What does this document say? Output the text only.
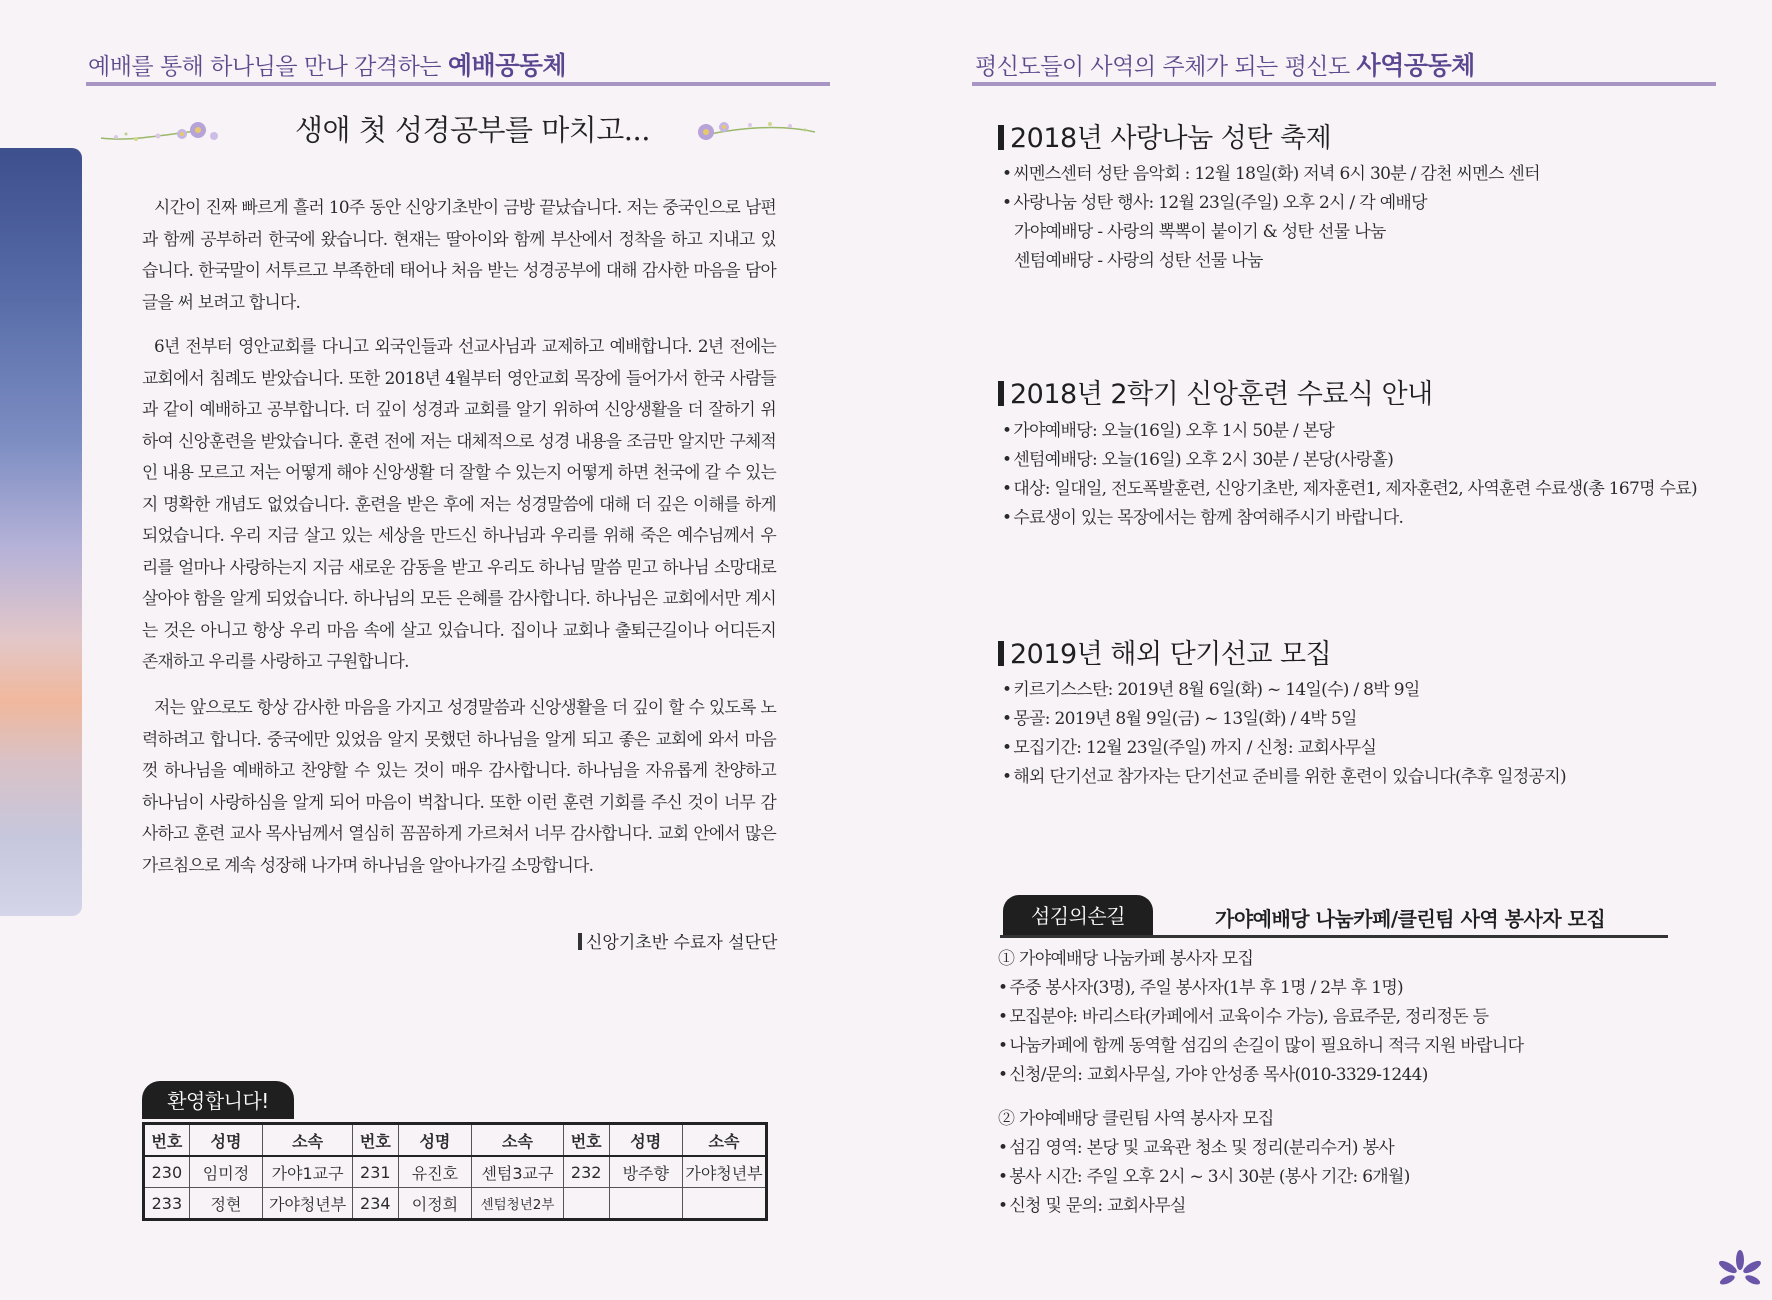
예배를 통해 하나님을 만나 감격하는 예배공동체
생애 첫 성경공부를 마치고...

시간이 진짜 빠르게 흘러 10주 동안 신앙기초반이 금방 끝났습니다. 저는 중국인으로 남편과 함께 공부하러 한국에 왔습니다. 현재는 딸아이와 함께 부산에서 정착을 하고 지내고 있습니다. 한국말이 서투르고 부족한데 태어나 처음 받는 성경공부에 대해 감사한 마음을 담아 글을 써 보려고 합니다.

6년 전부터 영안교회를 다니고 외국인들과 선교사님과 교제하고 예배합니다. 2년 전에는 교회에서 침례도 받았습니다. 또한 2018년 4월부터 영안교회 목장에 들어가서 한국 사람들과 같이 예배하고 공부합니다. 더 깊이 성경과 교회를 알기 위하여 신앙생활을 더 잘하기 위하여 신앙훈련을 받았습니다. 훈련 전에 저는 대체적으로 성경 내용을 조금만 알지만 구체적인 내용 모르고 저는 어떻게 해야 신앙생활 더 잘할 수 있는지 어떻게 하면 천국에 갈 수 있는지 명확한 개념도 없었습니다. 훈련을 받은 후에 저는 성경말씀에 대해 더 깊은 이해를 하게 되었습니다. 우리 지금 살고 있는 세상을 만드신 하나님과 우리를 위해 죽은 예수님께서 우리를 얼마나 사랑하는지 지금 새로운 감동을 받고 우리도 하나님 말씀 믿고 하나님 소망대로 살아야 함을 알게 되었습니다. 하나님의 모든 은혜를 감사합니다. 하나님은 교회에서만 계시는 것은 아니고 항상 우리 마음 속에 살고 있습니다. 집이나 교회나 출퇴근길이나 어디든지 존재하고 우리를 사랑하고 구원합니다.

저는 앞으로도 항상 감사한 마음을 가지고 성경말씀과 신앙생활을 더 깊이 할 수 있도록 노력하려고 합니다. 중국에만 있었음 알지 못했던 하나님을 알게 되고 좋은 교회에 와서 마음껏 하나님을 예배하고 찬양할 수 있는 것이 매우 감사합니다. 하나님을 자유롭게 찬양하고 하나님이 사랑하심을 알게 되어 마음이 벅찹니다. 또한 이런 훈련 기회를 주신 것이 너무 감사하고 훈련 교사 목사님께서 열심히 꼼꼼하게 가르쳐서 너무 감사합니다. 교회 안에서 많은 가르침으로 계속 성장해 나가며 하나님을 알아나가길 소망합니다.

신앙기초반 수료자 설단단
환영합니다!
번호	성명	소속	번호	성명	소속	번호	성명	소속
230	임미정	가야1교구	231	유진호	센텀3교구	232	방주향	가야청년부
233	정현	가야청년부	234	이정희	센텀청년2부			
평신도들이 사역의 주체가 되는 평신도 사역공동체
2018년 사랑나눔 성탄 축제
• 씨멘스센터 성탄 음악회 : 12월 18일(화) 저녁 6시 30분 / 감천 씨멘스 센터
• 사랑나눔 성탄 행사: 12월 23일(주일) 오후 2시 / 각 예배당
가야예배당 - 사랑의 뽁뽁이 붙이기 & 성탄 선물 나눔
센텀예배당 - 사랑의 성탄 선물 나눔
2018년 2학기 신앙훈련 수료식 안내
• 가야예배당: 오늘(16일) 오후 1시 50분 / 본당
• 센텀예배당: 오늘(16일) 오후 2시 30분 / 본당(사랑홀)
• 대상: 일대일, 전도폭발훈련, 신앙기초반, 제자훈련1, 제자훈련2, 사역훈련 수료생(총 167명 수료)
• 수료생이 있는 목장에서는 함께 참여해주시기 바랍니다.
2019년 해외 단기선교 모집
• 키르기스스탄: 2019년 8월 6일(화) ~ 14일(수) / 8박 9일
• 몽골: 2019년 8월 9일(금) ~ 13일(화) / 4박 5일
• 모집기간: 12월 23일(주일) 까지 / 신청: 교회사무실
• 해외 단기선교 참가자는 단기선교 준비를 위한 훈련이 있습니다(추후 일정공지)
섬김의손길	가야예배당 나눔카페/클린팀 사역 봉사자 모집
① 가야예배당 나눔카페 봉사자 모집
• 주중 봉사자(3명), 주일 봉사자(1부 후 1명 / 2부 후 1명)
• 모집분야: 바리스타(카페에서 교육이수 가능), 음료주문, 정리정돈 등
• 나눔카페에 함께 동역할 섬김의 손길이 많이 필요하니 적극 지원 바랍니다
• 신청/문의: 교회사무실, 가야 안성종 목사(010-3329-1244)
② 가야예배당 클린팀 사역 봉사자 모집
• 섬김 영역: 본당 및 교육관 청소 및 정리(분리수거) 봉사
• 봉사 시간: 주일 오후 2시 ~ 3시 30분 (봉사 기간: 6개월)
• 신청 및 문의: 교회사무실
